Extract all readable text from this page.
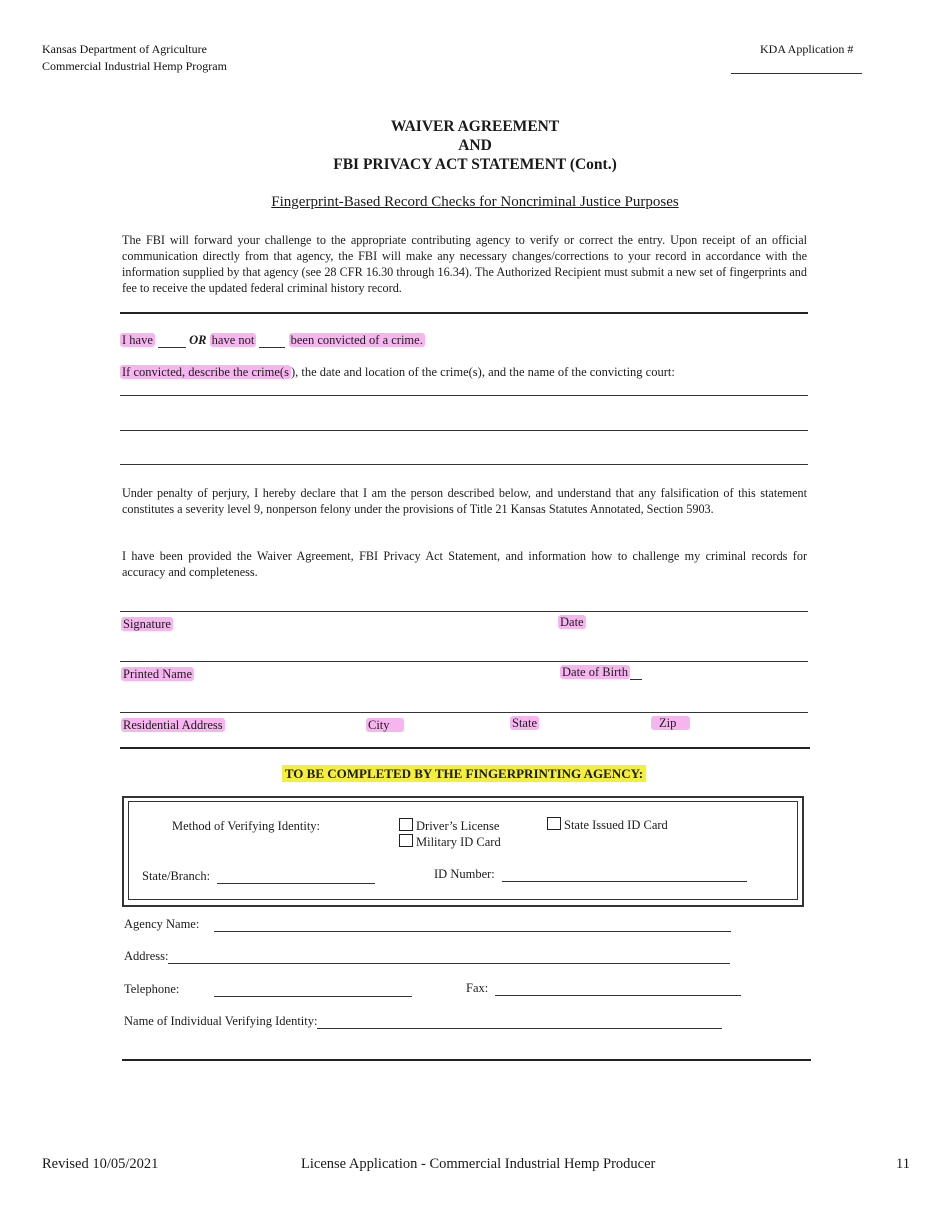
Kansas Department of Agriculture
Commercial Industrial Hemp Program
KDA Application #
WAIVER AGREEMENT
AND
FBI PRIVACY ACT STATEMENT (Cont.)
Fingerprint-Based Record Checks for Noncriminal Justice Purposes
The FBI will forward your challenge to the appropriate contributing agency to verify or correct the entry. Upon receipt of an official communication directly from that agency, the FBI will make any necessary changes/corrections to your record in accordance with the information supplied by that agency (see 28 CFR 16.30 through 16.34). The Authorized Recipient must submit a new set of fingerprints and fee to receive the updated federal criminal history record.
I have	OR have not	been convicted of a crime.
If convicted, describe the crime(s ), the date and location of the crime(s), and the name of the convicting court:
Under penalty of perjury, I hereby declare that I am the person described below, and understand that any falsification of this statement constitutes a severity level 9, nonperson felony under the provisions of Title 21 Kansas Statutes Annotated, Section 5903.
I have been provided the Waiver Agreement, FBI Privacy Act Statement, and information how to challenge my criminal records for accuracy and completeness.
Signature	Date
Printed Name	Date of Birth
Residential Address	City	State	Zip
TO BE COMPLETED BY THE FINGERPRINTING AGENCY:
Method of Verifying Identity:	Driver’s License
Military ID Card
State Issued ID Card
State/Branch:	ID Number:
Agency Name:
Address:
Telephone:	Fax:
Name of Individual Verifying Identity:
Revised 10/05/2021	License Application - Commercial Industrial Hemp Producer	11
